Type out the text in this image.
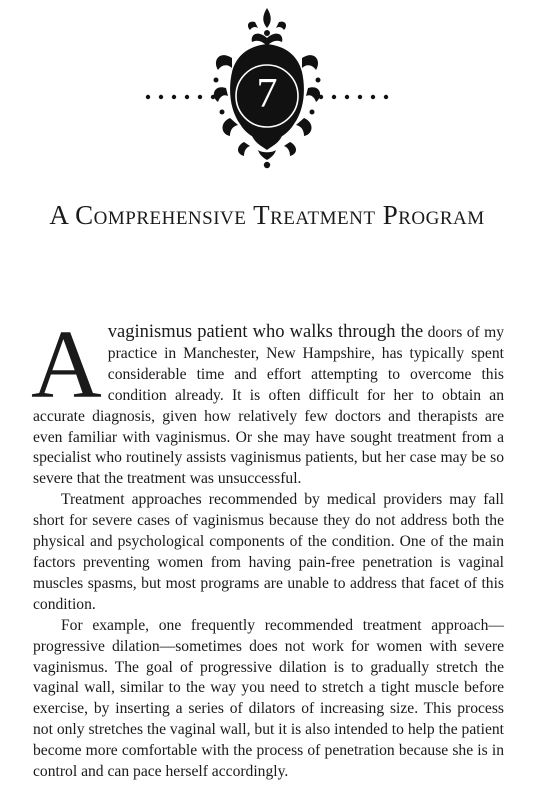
7
A Comprehensive Treatment Program

A vaginismus patient who walks through the doors of my practice in Manchester, New Hampshire, has typically spent considerable time and effort attempting to overcome this condition already. It is often difficult for her to obtain an accurate diagnosis, given how relatively few doctors and therapists are even familiar with vaginismus. Or she may have sought treatment from a specialist who routinely assists vaginismus patients, but her case may be so severe that the treatment was unsuccessful.

Treatment approaches recommended by medical providers may fall short for severe cases of vaginismus because they do not address both the physical and psychological components of the condition. One of the main factors preventing women from having pain-free penetration is vaginal muscles spasms, but most programs are unable to address that facet of this condition.

For example, one frequently recommended treatment approach—progressive dilation—sometimes does not work for women with severe vaginismus. The goal of progressive dilation is to gradually stretch the vaginal wall, similar to the way you need to stretch a tight muscle before exercise, by inserting a series of dilators of increasing size. This process not only stretches the vaginal wall, but it is also intended to help the patient become more comfortable with the process of penetration because she is in control and can pace herself accordingly.
